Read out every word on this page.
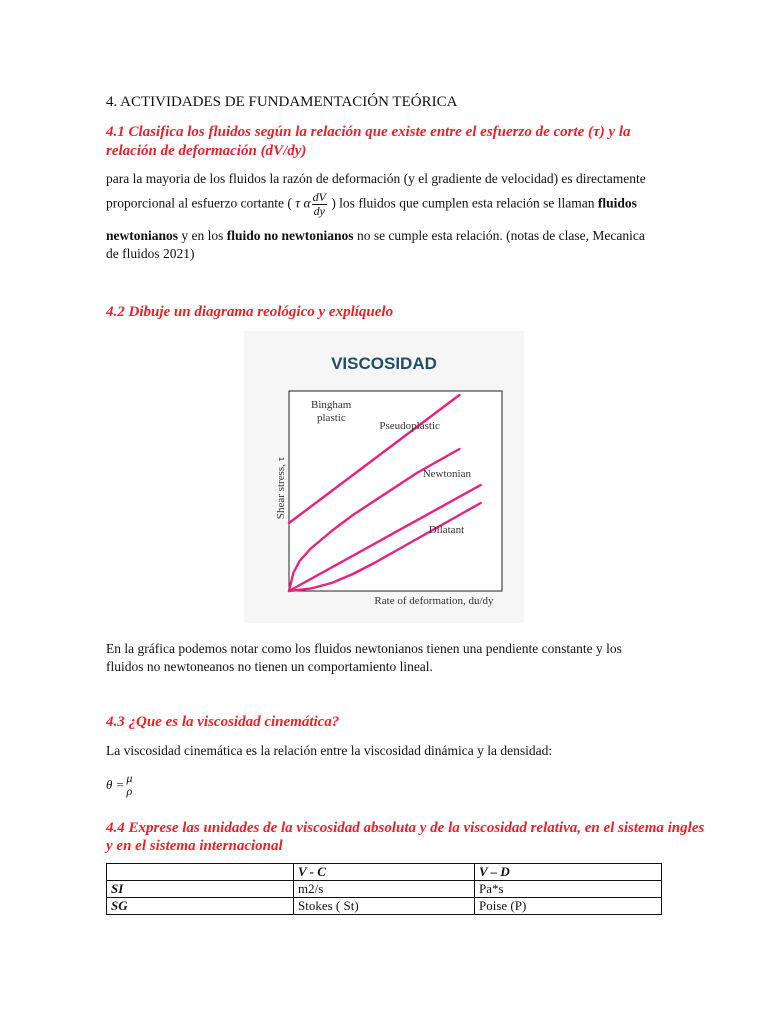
4. ACTIVIDADES DE FUNDAMENTACIÓN TEÓRICA
4.1 Clasifica los fluidos según la relación que existe entre el esfuerzo de corte (τ) y la
relación de deformación (dV/dy)
para la mayoria de los fluidos la razón de deformación (y el gradiente de velocidad) es directamente
proporcional al esfuerzo cortante ( τ α $\frac{dV}{dy}$ ) los fluidos que cumplen esta relación se llaman fluidos
newtonianos y en los fluido no newtonianos no se cumple esta relación. (notas de clase, Mecanica
de fluidos 2021)
4.2 Dibuje un diagrama reológico y explíquelo
VISCOSIDAD
Bingham
plastic
Pseudoplastic
Newtonian
Dilatant
Shear stress, τ
Rate of deformation, du/dy
En la gráfica podemos notar como los fluidos newtonianos tienen una pendiente constante y los
fluidos no newtoneanos no tienen un comportamiento lineal.
4.3 ¿Que es la viscosidad cinemática?
La viscosidad cinemática es la relación entre la viscosidad dinámica y la densidad:
θ = μ
ρ
4.4 Exprese las unidades de la viscosidad absoluta y de la viscosidad relativa, en el sistema ingles
y en el sistema internacional
	V - C	V – D
SI	m2/s	Pa*s
SG	Stokes ( St)	Poise (P)
